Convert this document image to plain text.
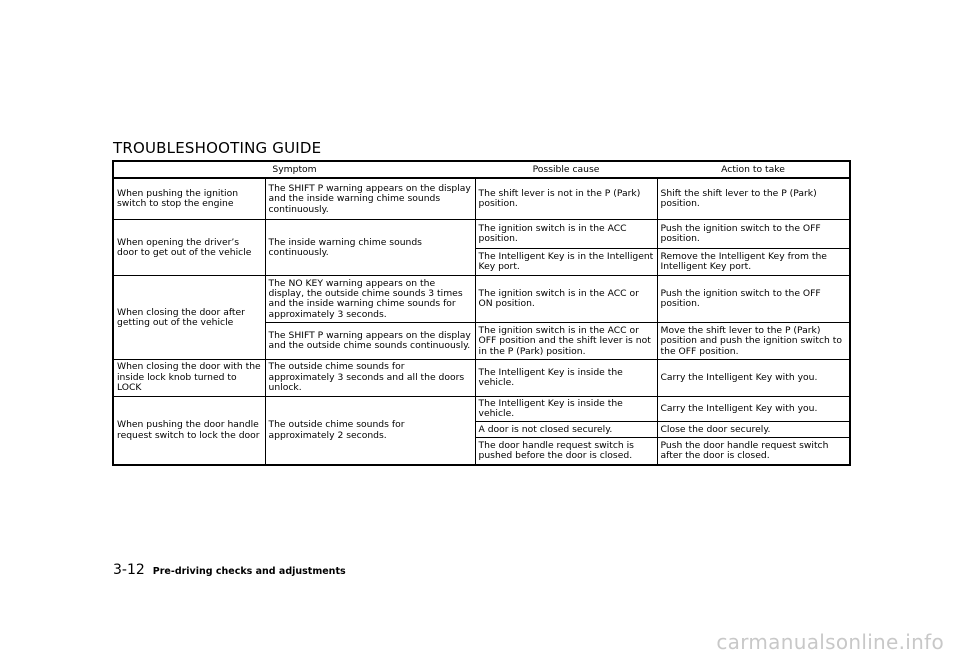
TROUBLESHOOTING GUIDE
Symptom		Possible cause	Action to take
When pushing the ignition switch to stop the engine	The SHIFT P warning appears on the display and the inside warning chime sounds continuously.	The shift lever is not in the P (Park) position.	Shift the shift lever to the P (Park) position.
When opening the driver’s door to get out of the vehicle	The inside warning chime sounds continuously.	The ignition switch is in the ACC position.	Push the ignition switch to the OFF position.
		The Intelligent Key is in the Intelligent Key port.	Remove the Intelligent Key from the Intelligent Key port.
When closing the door after getting out of the vehicle	The NO KEY warning appears on the display, the outside chime sounds 3 times and the inside warning chime sounds for approximately 3 seconds.	The ignition switch is in the ACC or ON position.	Push the ignition switch to the OFF position.
	The SHIFT P warning appears on the display and the outside chime sounds continuously.	The ignition switch is in the ACC or OFF position and the shift lever is not in the P (Park) position.	Move the shift lever to the P (Park) position and push the ignition switch to the OFF position.
When closing the door with the inside lock knob turned to LOCK	The outside chime sounds for approximately 3 seconds and all the doors unlock.	The Intelligent Key is inside the vehicle.	Carry the Intelligent Key with you.
When pushing the door handle request switch to lock the door	The outside chime sounds for approximately 2 seconds.	The Intelligent Key is inside the vehicle.	Carry the Intelligent Key with you.
		A door is not closed securely.	Close the door securely.
		The door handle request switch is pushed before the door is closed.	Push the door handle request switch after the door is closed.
3-12 Pre-driving checks and adjustments
carmanualsonline.info
